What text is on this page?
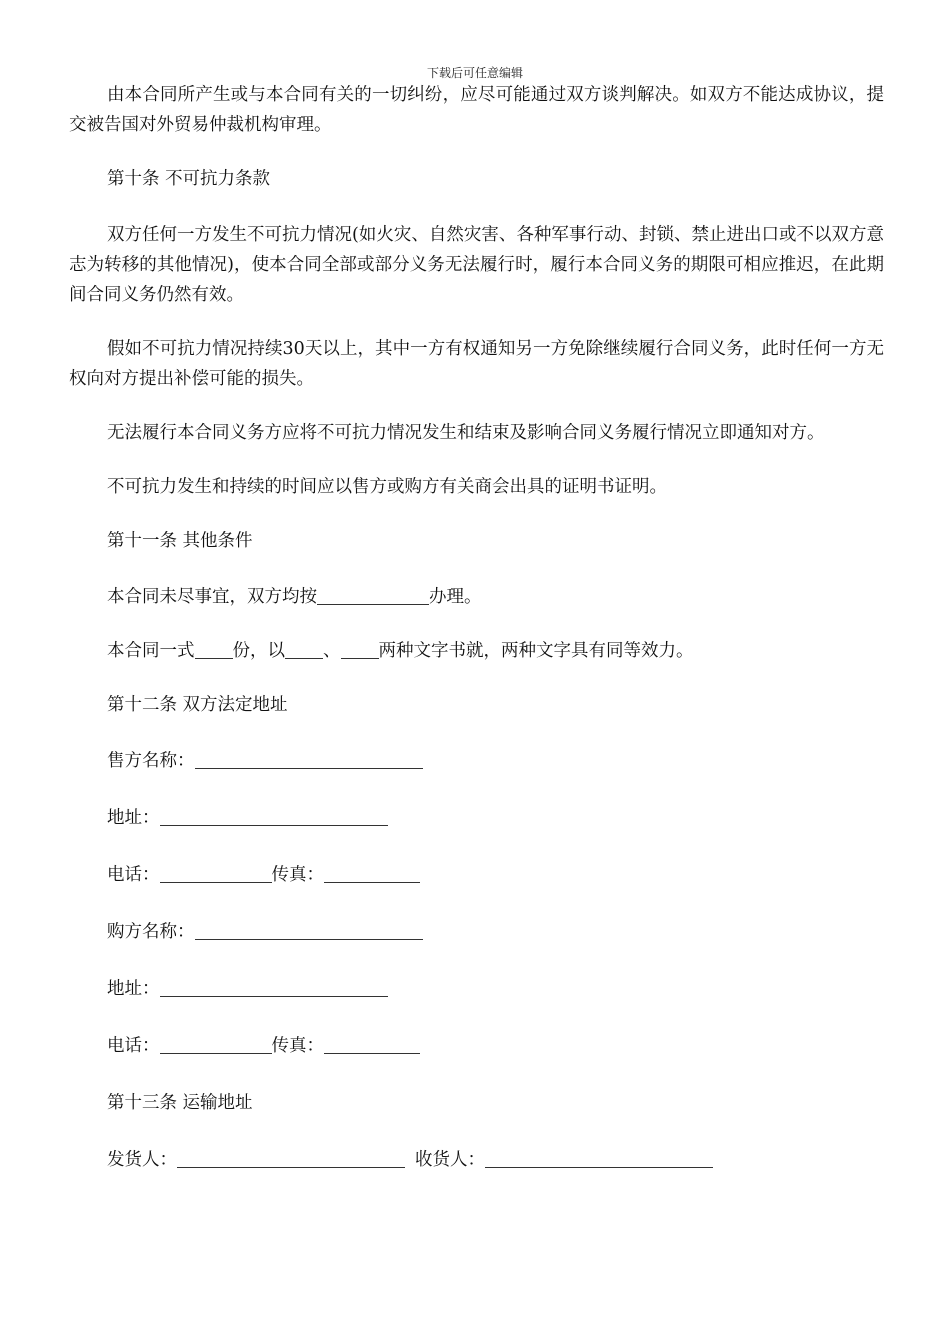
下载后可任意编辑

由本合同所产生或与本合同有关的一切纠纷，应尽可能通过双方谈判解决。如双方不能达成协议，提交被告国对外贸易仲裁机构审理。

第十条 不可抗力条款

双方任何一方发生不可抗力情况(如火灾、自然灾害、各种军事行动、封锁、禁止进出口或不以双方意志为转移的其他情况)，使本合同全部或部分义务无法履行时，履行本合同义务的期限可相应推迟，在此期间合同义务仍然有效。

假如不可抗力情况持续30天以上，其中一方有权通知另一方免除继续履行合同义务，此时任何一方无权向对方提出补偿可能的损失。

无法履行本合同义务方应将不可抗力情况发生和结束及影响合同义务履行情况立即通知对方。

不可抗力发生和持续的时间应以售方或购方有关商会出具的证明书证明。

第十一条 其他条件

本合同未尽事宜，双方均按	办理。

本合同一式 份，以 、 两种文字书就，两种文字具有同等效力。

第十二条 双方法定地址

售方名称：
地址：
电话：	传真：
购方名称：
地址：
电话：	传真：
第十三条 运输地址
发货人：	收货人：
